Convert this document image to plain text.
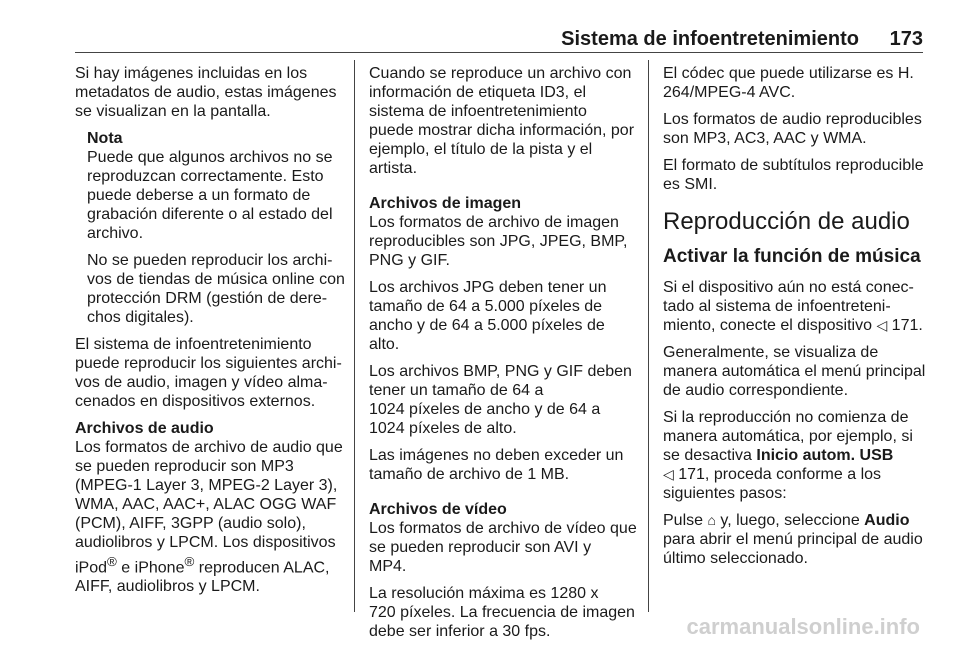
Sistema de infoentretenimiento 173

Si hay imágenes incluidas en los
metadatos de audio, estas imágenes
se visualizan en la pantalla.

Nota

Puede que algunos archivos no se
reproduzcan correctamente. Esto
puede deberse a un formato de
grabación diferente o al estado del
archivo.

No se pueden reproducir los archi-
vos de tiendas de música online con
protección DRM (gestión de dere-
chos digitales).

El sistema de infoentretenimiento
puede reproducir los siguientes archi-
vos de audio, imagen y vídeo alma-
cenados en dispositivos externos.

Archivos de audio

Los formatos de archivo de audio que
se pueden reproducir son MP3
(MPEG-1 Layer 3, MPEG-2 Layer 3),
WMA, AAC, AAC+, ALAC OGG WAF
(PCM), AIFF, 3GPP (audio solo),
audiolibros y LPCM. Los dispositivos
iPod® e iPhone® reproducen ALAC,
AIFF, audiolibros y LPCM.

Cuando se reproduce un archivo con
información de etiqueta ID3, el
sistema de infoentretenimiento
puede mostrar dicha información, por
ejemplo, el título de la pista y el
artista.

Archivos de imagen

Los formatos de archivo de imagen
reproducibles son JPG, JPEG, BMP,
PNG y GIF.

Los archivos JPG deben tener un
tamaño de 64 a 5.000 píxeles de
ancho y de 64 a 5.000 píxeles de alto.

Los archivos BMP, PNG y GIF deben
tener un tamaño de 64 a
1024 píxeles de ancho y de 64 a
1024 píxeles de alto.

Las imágenes no deben exceder un
tamaño de archivo de 1 MB.

Archivos de vídeo

Los formatos de archivo de vídeo que
se pueden reproducir son AVI y
MP4.

La resolución máxima es 1280 x
720 píxeles. La frecuencia de imagen
debe ser inferior a 30 fps.

El códec que puede utilizarse es H.
264/MPEG-4 AVC.

Los formatos de audio reproducibles
son MP3, AC3, AAC y WMA.

El formato de subtítulos reproducible
es SMI.

Reproducción de audio
Activar la función de música

Si el dispositivo aún no está conec-
tado al sistema de infoentreteni-
miento, conecte el dispositivo ◁ 171.

Generalmente, se visualiza de
manera automática el menú principal
de audio correspondiente.

Si la reproducción no comienza de
manera automática, por ejemplo, si
se desactiva Inicio autom. USB
◁ 171, proceda conforme a los
siguientes pasos:

Pulse ⌂ y, luego, seleccione Audio
para abrir el menú principal de audio
último seleccionado.

carmanualsonline.info
